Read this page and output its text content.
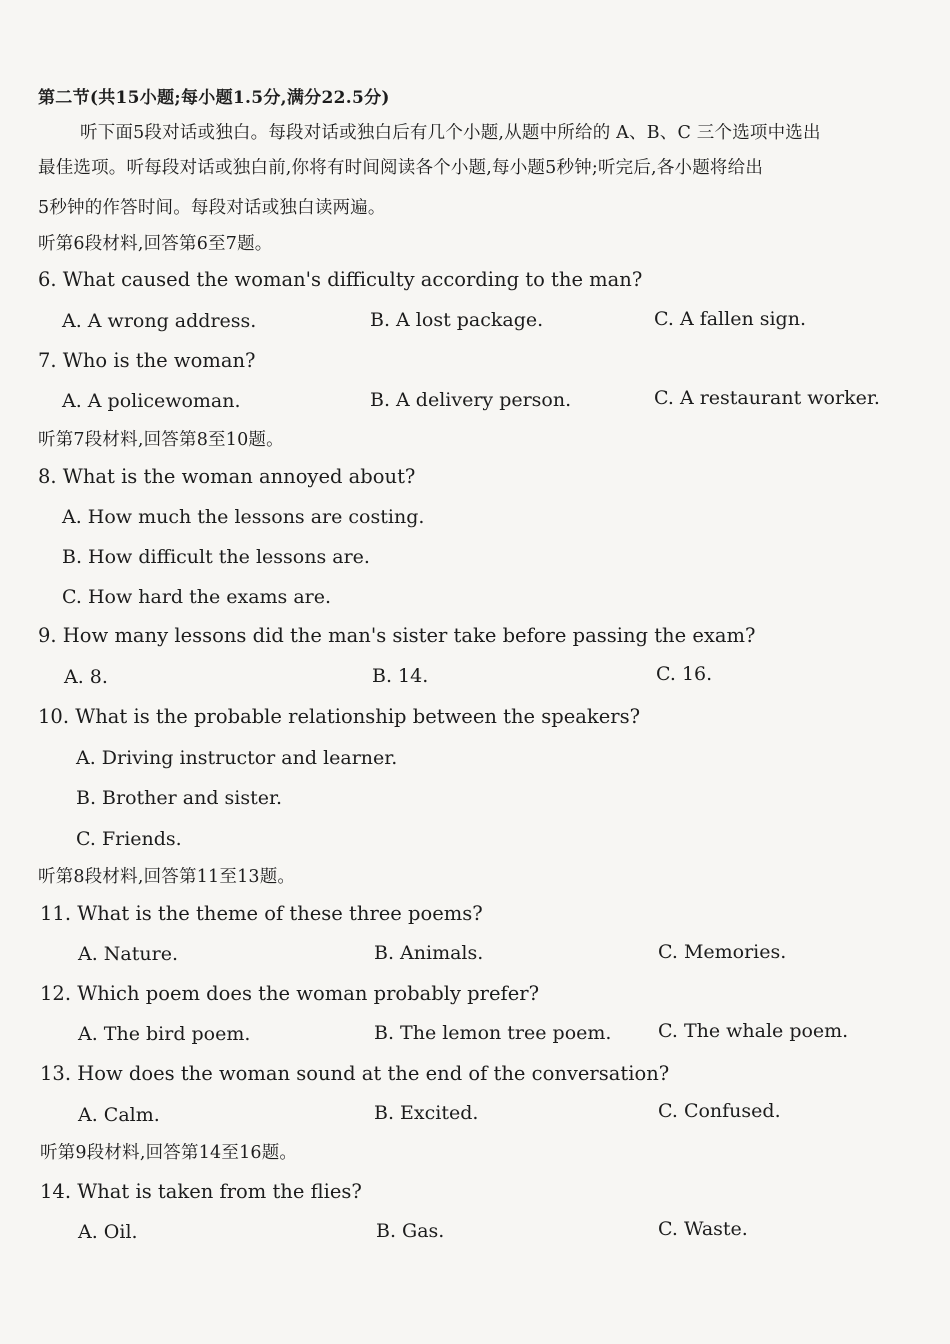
第二节(共15小题;每小题1.5分,满分22.5分)
听下面5段对话或独白。每段对话或独白后有几个小题,从题中所给的 A、B、C 三个选项中选出
最佳选项。听每段对话或独白前,你将有时间阅读各个小题,每小题5秒钟;听完后,各小题将给出
5秒钟的作答时间。每段对话或独白读两遍。
听第6段材料,回答第6至7题。
6. What caused the woman's difficulty according to the man?
A. A wrong address.	B. A lost package.	C. A fallen sign.
7. Who is the woman?
A. A policewoman.	B. A delivery person.	C. A restaurant worker.
听第7段材料,回答第8至10题。
8. What is the woman annoyed about?
A. How much the lessons are costing.
B. How difficult the lessons are.
C. How hard the exams are.
9. How many lessons did the man's sister take before passing the exam?
A. 8.	B. 14.	C. 16.
10. What is the probable relationship between the speakers?
A. Driving instructor and learner.
B. Brother and sister.
C. Friends.
听第8段材料,回答第11至13题。
11. What is the theme of these three poems?
A. Nature.	B. Animals.	C. Memories.
12. Which poem does the woman probably prefer?
A. The bird poem.	B. The lemon tree poem. C. The whale poem.
13. How does the woman sound at the end of the conversation?
A. Calm.	B. Excited.	C. Confused.
听第9段材料,回答第14至16题。
14. What is taken from the flies?
A. Oil.	B. Gas.	C. Waste.
